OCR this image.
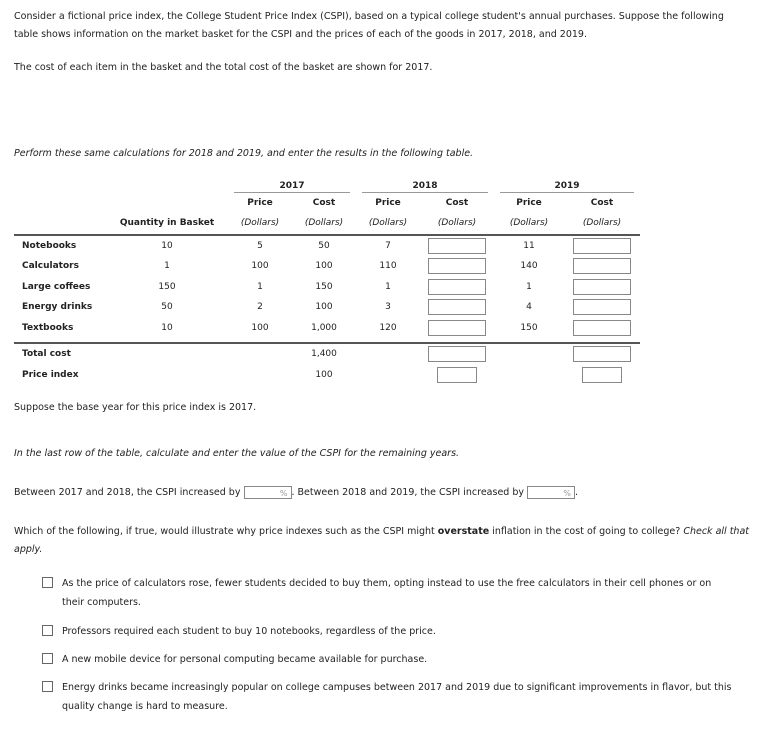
Consider a fictional price index, the College Student Price Index (CSPI), based on a typical college student's annual purchases. Suppose the following table shows information on the market basket for the CSPI and the prices of each of the goods in 2017, 2018, and 2019.

The cost of each item in the basket and the total cost of the basket are shown for 2017.

Perform these same calculations for 2018 and 2019, and enter the results in the following table.

		2017		2018		2019	

		Price	Cost	Price	Cost	Price	Cost
	Quantity in Basket	(Dollars)	(Dollars)	(Dollars)	(Dollars)	(Dollars)	(Dollars)
Notebooks	10	5	50	7		11	
Calculators	1	100	100	110		140	
Large coffees	150	1	150	1		1	
Energy drinks	50	2	100	3		4	
Textbooks	10	100	1,000	120		150	

Total cost			1,400				
Price index			100				

Suppose the base year for this price index is 2017.

In the last row of the table, calculate and enter the value of the CSPI for the remaining years.

Between 2017 and 2018, the CSPI increased by	% . Between 2018 and 2019, the CSPI increased by	% .

Which of the following, if true, would illustrate why price indexes such as the CSPI might overstate inflation in the cost of going to college? Check all that apply.

As the price of calculators rose, fewer students decided to buy them, opting instead to use the free calculators in their cell phones or on their computers.

Professors required each student to buy 10 notebooks, regardless of the price.

A new mobile device for personal computing became available for purchase.

Energy drinks became increasingly popular on college campuses between 2017 and 2019 due to significant improvements in flavor, but this quality change is hard to measure.
